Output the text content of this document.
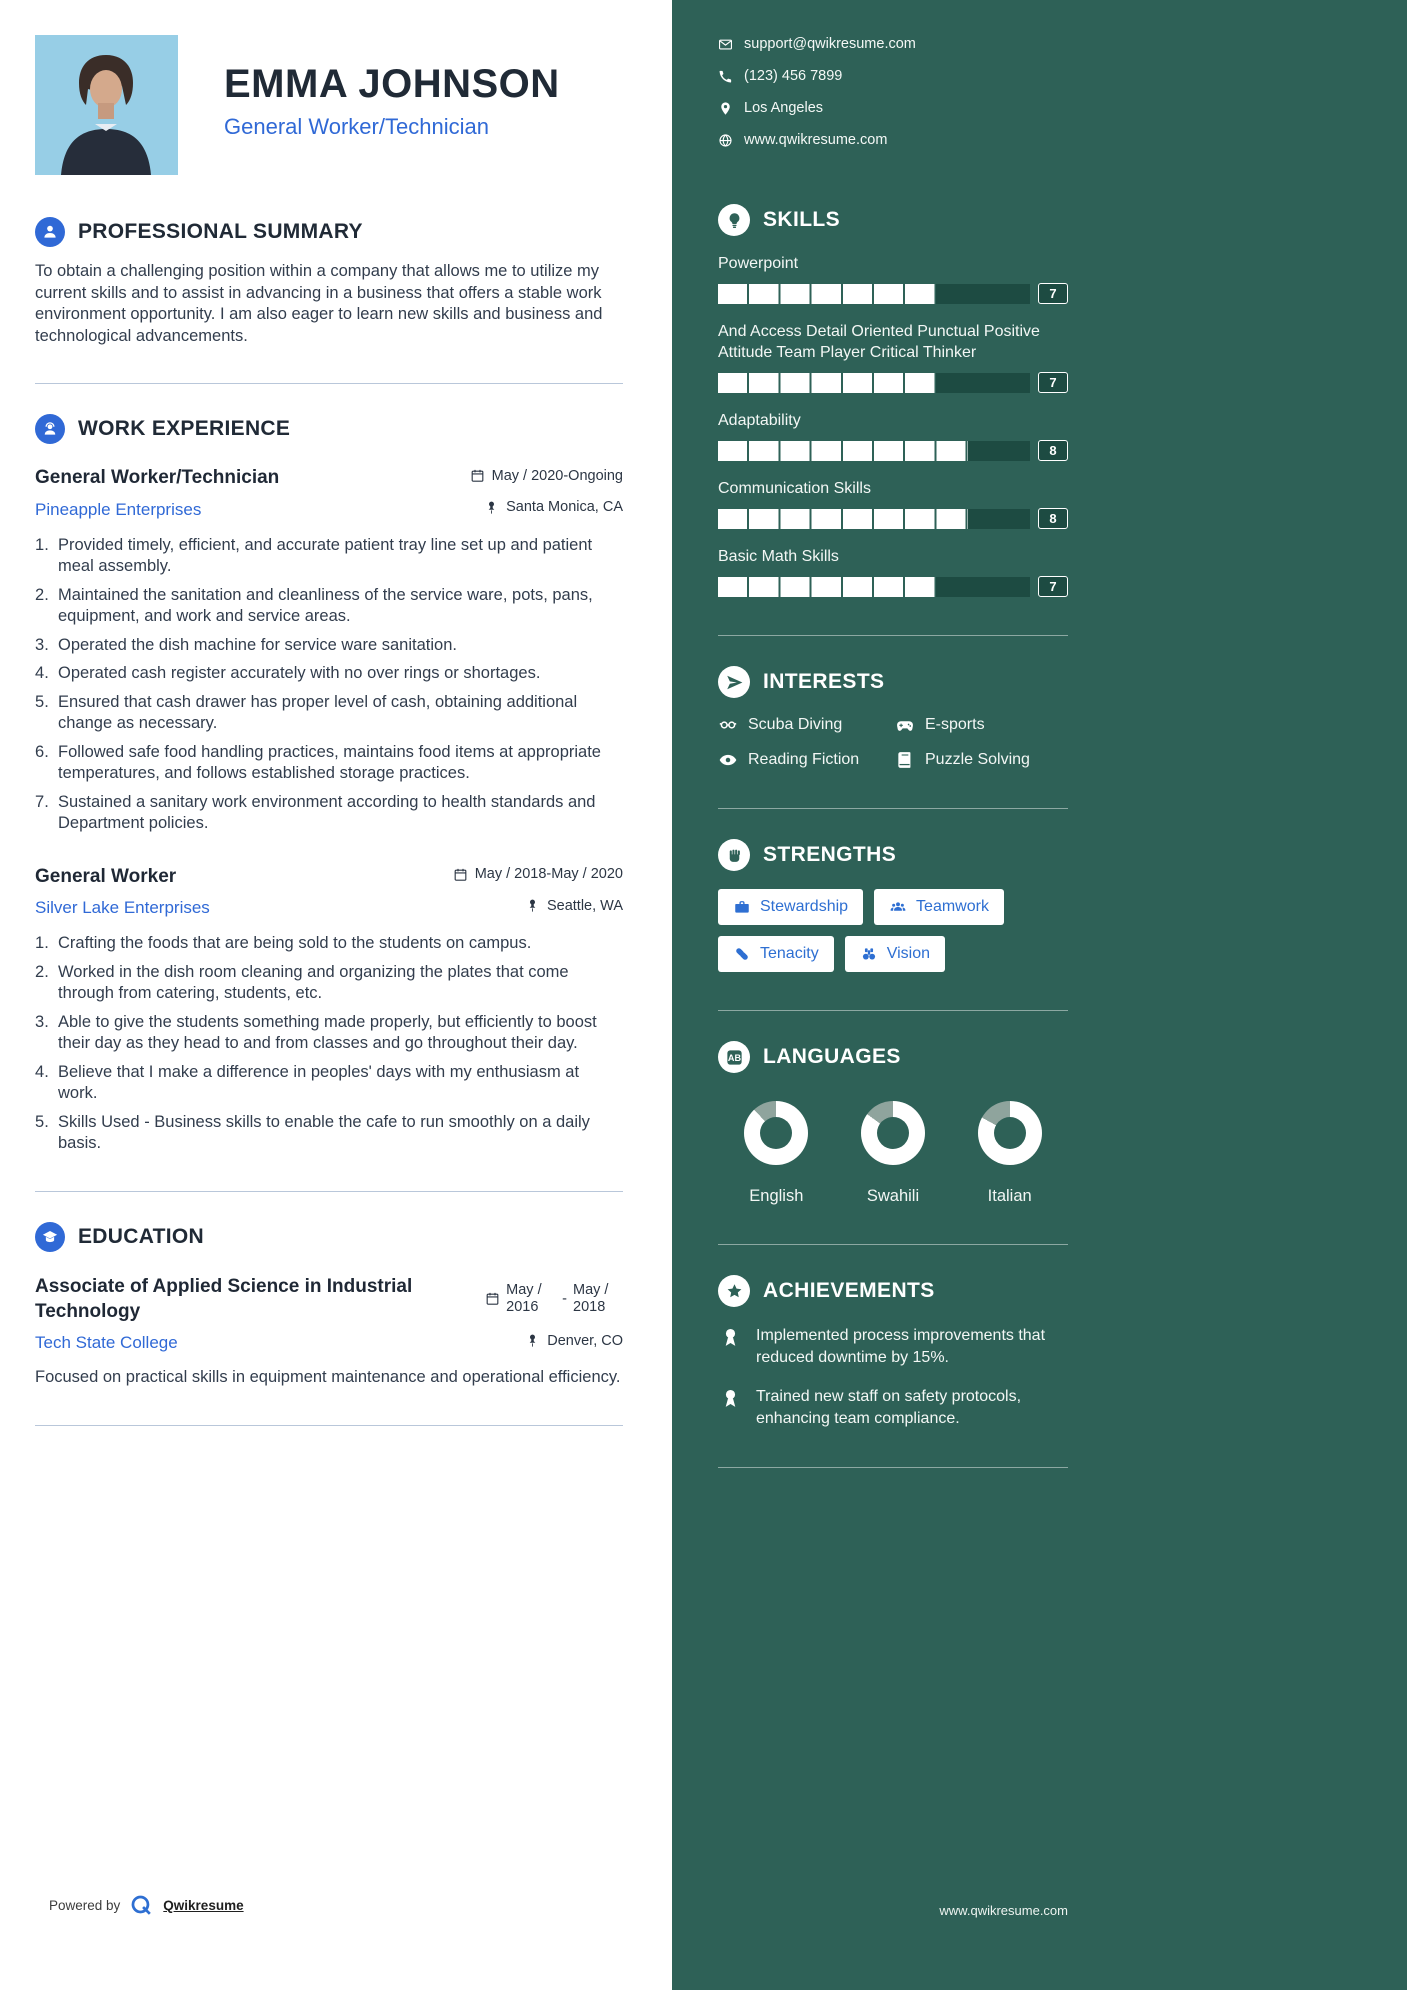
EMMA JOHNSON
General Worker/Technician
PROFESSIONAL SUMMARY

To obtain a challenging position within a company that allows me to utilize my current skills and to assist in advancing in a business that offers a stable work environment opportunity. I am also eager to learn new skills and business and technological advancements.

WORK EXPERIENCE
General Worker/Technician	May / 2020-Ongoing
Pineapple Enterprises	Santa Monica, CA
Provided timely, efficient, and accurate patient tray line set up and patient meal assembly.
Maintained the sanitation and cleanliness of the service ware, pots, pans, equipment, and work and service areas.
Operated the dish machine for service ware sanitation.
Operated cash register accurately with no over rings or shortages.
Ensured that cash drawer has proper level of cash, obtaining additional change as necessary.
Followed safe food handling practices, maintains food items at appropriate temperatures, and follows established storage practices.
Sustained a sanitary work environment according to health standards and Department policies.
General Worker	May / 2018-May / 2020
Silver Lake Enterprises	Seattle, WA
Crafting the foods that are being sold to the students on campus.
Worked in the dish room cleaning and organizing the plates that come through from catering, students, etc.
Able to give the students something made properly, but efficiently to boost their day as they head to and from classes and go throughout their day.
Believe that I make a difference in peoples' days with my enthusiasm at work.
Skills Used - Business skills to enable the cafe to run smoothly on a daily basis.
EDUCATION
Associate of Applied Science in Industrial Technology
May / 2016	-
May / 2018
Tech State College	Denver, CO

Focused on practical skills in equipment maintenance and operational efficiency.

Powered by	Qwikresume
support@qwikresume.com
(123) 456 7899
Los Angeles
www.qwikresume.com
SKILLS
Powerpoint
7
And Access Detail Oriented Punctual Positive Attitude Team Player Critical Thinker
7
Adaptability
8
Communication Skills
8
Basic Math Skills
7
INTERESTS
Scuba Diving	E-sports
Reading Fiction	Puzzle Solving
STRENGTHS
Stewardship	Teamwork
Tenacity	Vision
AB LANGUAGES
English	Swahili	Italian
ACHIEVEMENTS

Implemented process improvements that reduced downtime by 15%.

Trained new staff on safety protocols, enhancing team compliance.

www.qwikresume.com
